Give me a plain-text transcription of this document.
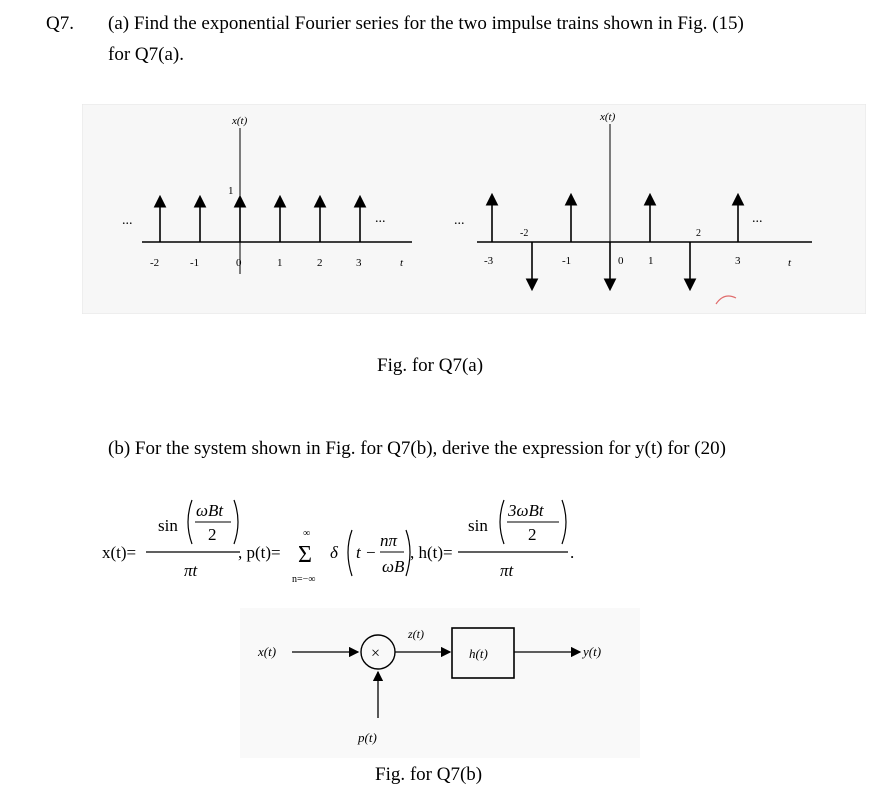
Q7. (a) Find the exponential Fourier series for the two impulse trains shown in Fig. (15)
for Q7(a).
...	...
x(t)
1
t
-2	-1	0	1	2	3
...	...
x(t)
-2	2
-3	-1	0 1	3	t
Fig. for Q7(a)
(b) For the system shown in Fig. for Q7(b), derive the expression for y(t) for (20)
x(t)=
sin
ωBt
2
πt
, p(t)= Σ
∞
n=−∞
δ t −
nπ
ωB
, h(t)=
sin
3ωBt
2
πt
.
x(t)	×
z(t)
h(t)	y(t)
p(t)
Fig. for Q7(b)
